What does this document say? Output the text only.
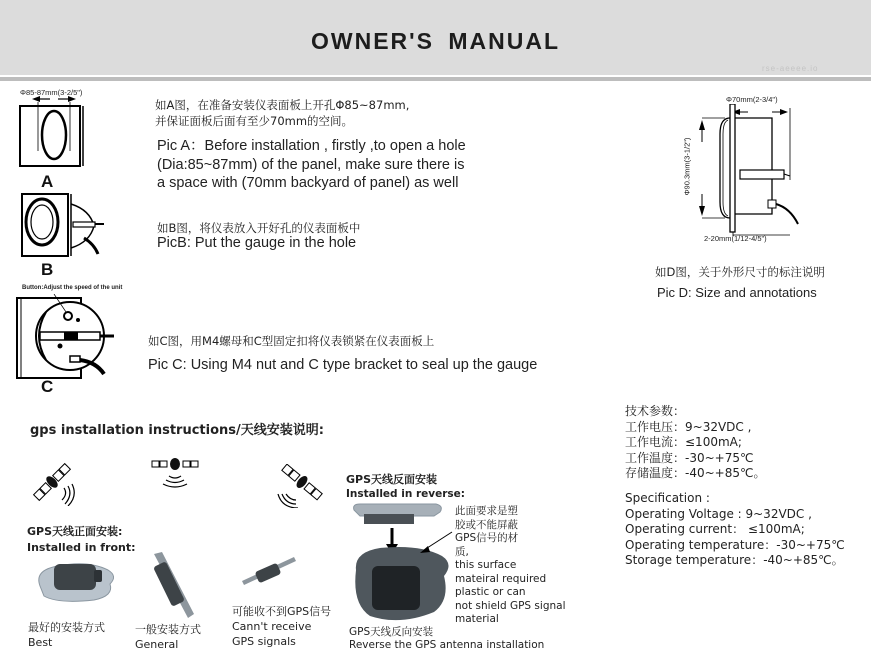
OWNER'S MANUAL
rse-aeeee.io
Φ85-87mm(3-2/5")
A
如A图，在准备安装仪表面板上开孔Φ85~87mm,
并保证面板后面有至少70mm的空间。
Pic A：Before installation , firstly ,to open a hole
(Dia:85~87mm) of the panel, make sure there is
a space with (70mm backyard of panel) as well
B
如B图，将仪表放入开好孔的仪表面板中
PicB: Put the gauge in the hole
Button:Adjust the speed of the unit
C
如C图，用M4螺母和C型固定扣将仪表锁紧在仪表面板上
Pic C: Using M4 nut and C type bracket to seal up the gauge
Φ70mm(2-3/4")
Φ90.3mm(3-1/2")
2-20mm(1/12-4/5")
如D图，关于外形尺寸的标注说明
Pic D: Size and annotations
技术参数：
工作电压：9~32VDC ,
工作电流：≤100mA;
工作温度：-30~+75℃
存储温度：-40~+85℃。
Specification :
Operating Voltage : 9~32VDC ,
Operating current： ≤100mA;
Operating temperature：-30~+75℃
Storage temperature：-40~+85℃。
gps installation instructions/天线安装说明:
GPS天线正面安装:
Installed in front:
最好的安装方式
Best
一般安装方式
General
可能收不到GPS信号
Cann't receive
GPS signals
GPS天线反面安装
Installed in reverse:
此面要求是塑
胶或不能屏蔽
GPS信号的材
质,
this surface
mateiral required
plastic or can
not shield GPS signal
material
GPS天线反向安装
Reverse the GPS antenna installation
